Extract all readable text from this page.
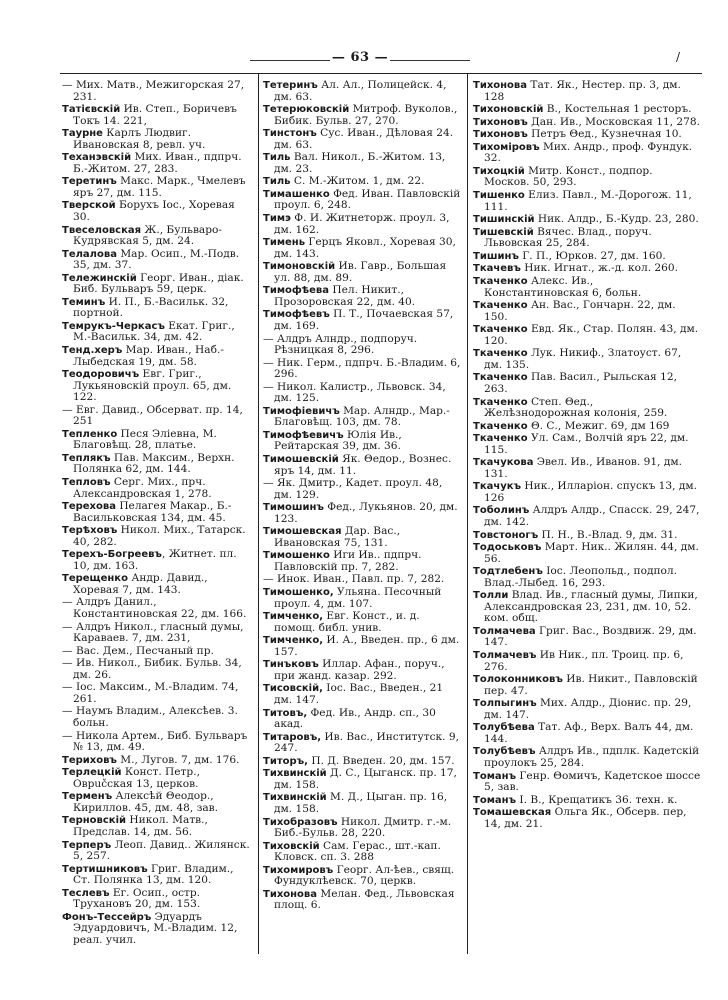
— 63 —	/

— Мих. Матв., Межигорская 27, 231.

Татієвскій Ив. Степ., Боричевъ Токъ 14. 221,

Таурне Карлъ Людвиг. Ивановская 8, ревл. уч.

Теханэвскій Мих. Иван., пдпрч. Б.-Житом. 27, 283.

Теретинъ Макс. Марк., Чмелевъ яръ 27, дм. 115.

Тверской Борухъ Іос., Хоревая 30.

Твеселовская Ж., Бульваро-Кудрявская 5, дм. 24.

Телалова Мар. Осип., М.-Подв. 35, дм. 37.

Тележинскій Георг. Иван., діак. Биб. Бульваръ 59, церк.

Теминъ И. П., Б.-Васильк. 32, портной.

Темрукъ-Черкасъ Екат. Григ., М.-Васильк. 34, дм. 42.

Тенд.херъ Мар. Иван., Наб.-Лыбедская 19, дм. 58.

Теодоровичъ Евг. Григ., Лукьяновскій проул. 65, дм. 122.

— Евг. Давид., Обсерват. пр. 14, 251

Тепленко Песя Эліевна, М. Благовѣщ. 28, платье.

Теплякъ Пав. Максим., Верхн. Полянка 62, дм. 144.

Тепловъ Серг. Мих., прч. Александровская 1, 278.

Терехова Пелагея Макар., Б.-Васильковская 134, дм. 45.

Терѣховъ Никол. Мих., Татарск. 40, 282.

Терехъ-Богреевъ, Житнет. пл. 10, дм. 163.

Терещенко Андр. Давид., Хоревая 7, дм. 143.

— Алдръ Данил., Константиновская 22, дм. 166.

— Алдръ Никол., гласный думы, Караваев. 7, дм. 231,

— Вас. Дем., Песчаный пр.

— Ив. Никол., Бибик. Бульв. 34, дм. 26.

— Іос. Максим., М.-Владим. 74, 261.

— Наумъ Владим., Алексѣев. 3. больн.

— Никола Артем., Биб. Бульваръ № 13, дм. 49.

Териховъ М., Лугов. 7, дм. 176.

Терлецкій Конст. Петр., Оврučская 13, церков.

Терменъ Алексѣй Θеодор., Кириллов. 45, дм. 48, зав.

Терновскій Никол. Матв., Предслав. 14, дм. 56.

Терперъ Леоп. Давид.. Жилянск. 5, 257.

Тертишниковъ Григ. Владим., Ст. Полянка 13, дм. 120.

Теслевъ Ег. Осип., остр. Трухановъ 20, дм. 153.

Фонъ-Тессейръ Эдуардъ Эдуардовичъ, М.-Владим. 12, реал. учил.

Тетеринъ Ал. Ал., Полицейск. 4, дм. 63.

Тетерюковскій Митроф. Вуколов., Бибик. Бульв. 27, 270.

Тинстонъ Сус. Иван., Дѣловая 24. дм. 63.

Тиль Вал. Никол., Б.-Житом. 13, дм. 23.

Тиль С. М.-Житом. 1, дм. 22.

Тимашенко Фед. Иван. Павловскій проул. 6, 248.

Тимэ Ф. И. Житнеторж. проул. 3, дм. 162.

Тимень Герцъ Яковл., Хоревая 30, дм. 143.

Тимоновскій Ив. Гавр., Большая ул. 88, дм. 89.

Тимофѣева Пел. Никит., Прозоровская 22, дм. 40.

Тимофѣевъ П. Т., Почаевская 57, дм. 169.

— Алдръ Алндр., подпоруч. Рѣзницкая 8, 296.

— Ник. Герм., пдпрч. Б.-Владим. 6, 296.

— Никол. Калистр., Львовск. 34, дм. 125.

Тимофіевичъ Мар. Алндр., Мар.-Благовѣщ. 103, дм. 78.

Тимофѣевичъ Юлія Ив., Рейтарская 39, дм. 36.

Тимошевскій Як. Θедор., Вознес. яръ 14, дм. 11.

— Як. Дмитр., Кадет. проул. 48, дм. 129.

Тимошинъ Фед., Лукьянов. 20, дм. 123.

Тимошевская Дар. Вас., Ивановская 75, 131.

Тимошенко Иги Ив.. пдпрч. Павловскій пр. 7, 282.

— Инок. Иван., Павл. пр. 7, 282.

Тимошенко, Ульяна. Песочный проул. 4, дм. 107.

Тимченко, Евг. Конст., и. д. помощ. библ. унив.

Тимченко, И. А., Введен. пр., 6 дм. 157.

Тинъковъ Иллар. Афан., поруч., при жанд. казар. 292.

Тисовскій, Іос. Вас., Введен., 21 дм. 147.

Титовъ, Фед. Ив., Андр. сп., 30 акад.

Титаровъ, Ив. Вас., Институтск. 9, 247.

Титоръ, П. Д. Введен. 20, дм. 157.

Тихвинскій Д. С., Цыганск. пр. 17, дм. 158.

Тихвинскій М. Д., Цыган. пр. 16, дм. 158.

Тихобразовъ Никол. Дмитр. г.-м. Биб.-Бульв. 28, 220.

Тиховскій Сам. Герас., шт.-кап. Кловск. сп. 3. 288

Тихомировъ Георг. Ал-ѣев., свящ. Фундуклѣевск. 70, церкв.

Тихонова Мелан. Фед., Львовская площ. 6.

Тихонова Тат. Як., Нестер. пр. 3, дм. 128

Тихоновскій В., Костельная 1 ресторъ.

Тихоновъ Дан. Ив., Московская 11, 278.

Тихоновъ Петръ Θед., Кузнечная 10.

Тихоміровъ Мих. Андр., проф. Фундук. 32.

Тихоцкій Митр. Конст., подпор. Москов. 50, 293.

Тишенко Елиз. Павл., М.-Дорогож. 11, 111.

Тишинскій Ник. Алдр., Б.-Кудр. 23, 280.

Тишевскій Вячес. Влад., поруч. Львовская 25, 284.

Тишинъ Г. П., Юрков. 27, дм. 160.

Ткачевъ Ник. Игнат., ж.-д. кол. 260.

Ткаченко Алекс. Ив., Константиновская 6, больн.

Ткаченко Ан. Вас., Гончарн. 22, дм. 150.

Ткаченко Евд. Як., Стар. Полян. 43, дм. 120.

Ткаченко Лук. Никиф., Златоуст. 67, дм. 135.

Ткаченко Пав. Васил., Рыльская 12, 263.

Ткаченко Степ. Θед., Желѣзнодорожная колонія, 259.

Ткаченко Θ. С., Межиг. 69, дм 169

Ткаченко Ул. Сам., Волчій яръ 22, дм. 115.

Ткачукова Эвел. Ив., Иванов. 91, дм. 131.

Ткачукъ Ник., Илларіон. спускъ 13, дм. 126

Тоболинъ Алдръ Алдр., Спасск. 29, 247, дм. 142.

Товстоногъ П. Н., В.-Влад. 9, дм. 31.

Тодоськовъ Март. Ник.. Жилян. 44, дм. 56.

Тодтлебенъ Іос. Леопольд., подпол. Влад.-Лыбед. 16, 293.

Толли Влад. Ив., гласный думы, Липки, Александровская 23, 231, дм. 10, 52. ком. общ.

Толмачева Григ. Вас., Воздвиж. 29, дм. 147.

Толмачевъ Ив Ник., пл. Троиц. пр. 6, 276.

Толоконниковъ Ив. Никит., Павловскій пер. 47.

Толпыгинъ Мих. Алдр., Діонис. пр. 29, дм. 147.

Толубѣева Тат. Аф., Верх. Валъ 44, дм. 144.

Толубѣевъ Алдръ Ив., пдплк. Кадетскій проулокъ 25, 284.

Томанъ Генр. Θомичъ, Кадетское шоссе 5, зав.

Томанъ І. В., Крещатикъ 36. техн. к.

Томашевская Ольга Як., Обсерв. пер, 14, дм. 21.
